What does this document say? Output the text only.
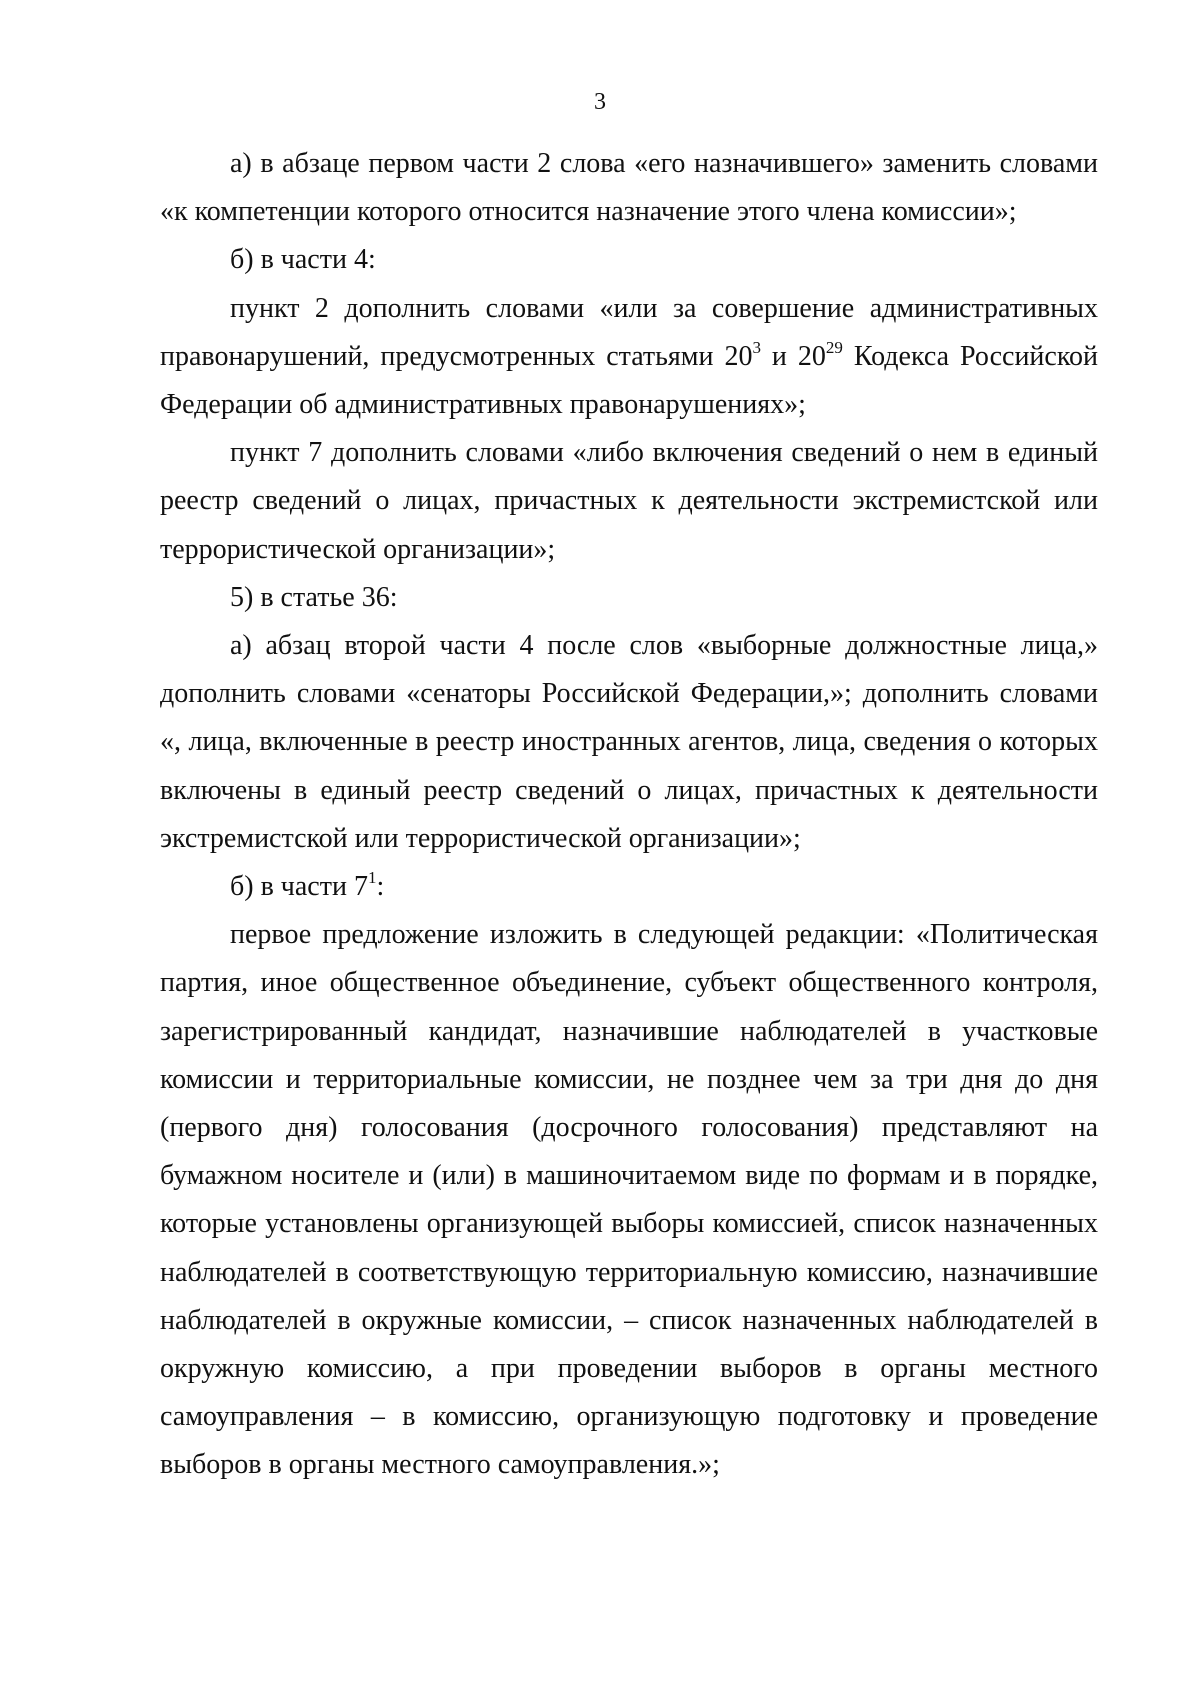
3

а) в абзаце первом части 2 слова «его назначившего» заменить словами «к компетенции которого относится назначение этого члена комиссии»;

б) в части 4:

пункт 2 дополнить словами «или за совершение административных правонарушений, предусмотренных статьями $20^3$ и $20^{29}$ Кодекса Российской Федерации об административных правонарушениях»;

пункт 7 дополнить словами «либо включения сведений о нем в единый реестр сведений о лицах, причастных к деятельности экстремистской или террористической организации»;

5) в статье 36:

а) абзац второй части 4 после слов «выборные должностные лица,» дополнить словами «сенаторы Российской Федерации,»; дополнить словами «, лица, включенные в реестр иностранных агентов, лица, сведения о которых включены в единый реестр сведений о лицах, причастных к деятельности экстремистской или террористической организации»;

б) в части $7^1$:

первое предложение изложить в следующей редакции: «Политическая партия, иное общественное объединение, субъект общественного контроля, зарегистрированный кандидат, назначившие наблюдателей в участковые комиссии и территориальные комиссии, не позднее чем за три дня до дня (первого дня) голосования (досрочного голосования) представляют на бумажном носителе и (или) в машиночитаемом виде по формам и в порядке, которые установлены организующей выборы комиссией, список назначенных наблюдателей в соответствующую территориальную комиссию, назначившие наблюдателей в окружные комиссии, – список назначенных наблюдателей в окружную комиссию, а при проведении выборов в органы местного самоуправления – в комиссию, организующую подготовку и проведение выборов в органы местного самоуправления.»;
